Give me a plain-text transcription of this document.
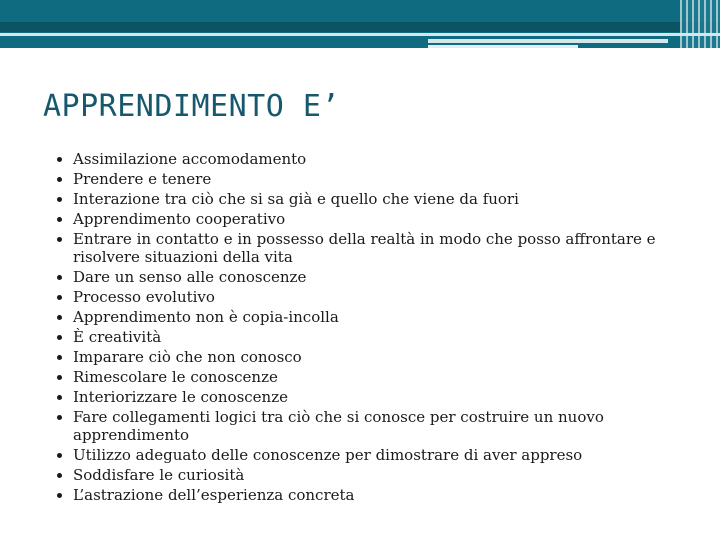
APPRENDIMENTO E’
• Assimilazione accomodamento
• Prendere e tenere
• Interazione tra ciò che si sa già e quello che viene da fuori
• Apprendimento cooperativo
• Entrare in contatto e in possesso della realtà in modo che posso affrontare e risolvere situazioni della vita
• Dare un senso alle conoscenze
• Processo evolutivo
• Apprendimento non è copia-incolla
• È creatività
• Imparare ciò che non conosco
• Rimescolare le conoscenze
• Interiorizzare le conoscenze
• Fare collegamenti logici tra ciò che si conosce per costruire un nuovo apprendimento
• Utilizzo adeguato delle conoscenze per dimostrare di aver appreso
• Soddisfare le curiosità
• L’astrazione dell’esperienza concreta
